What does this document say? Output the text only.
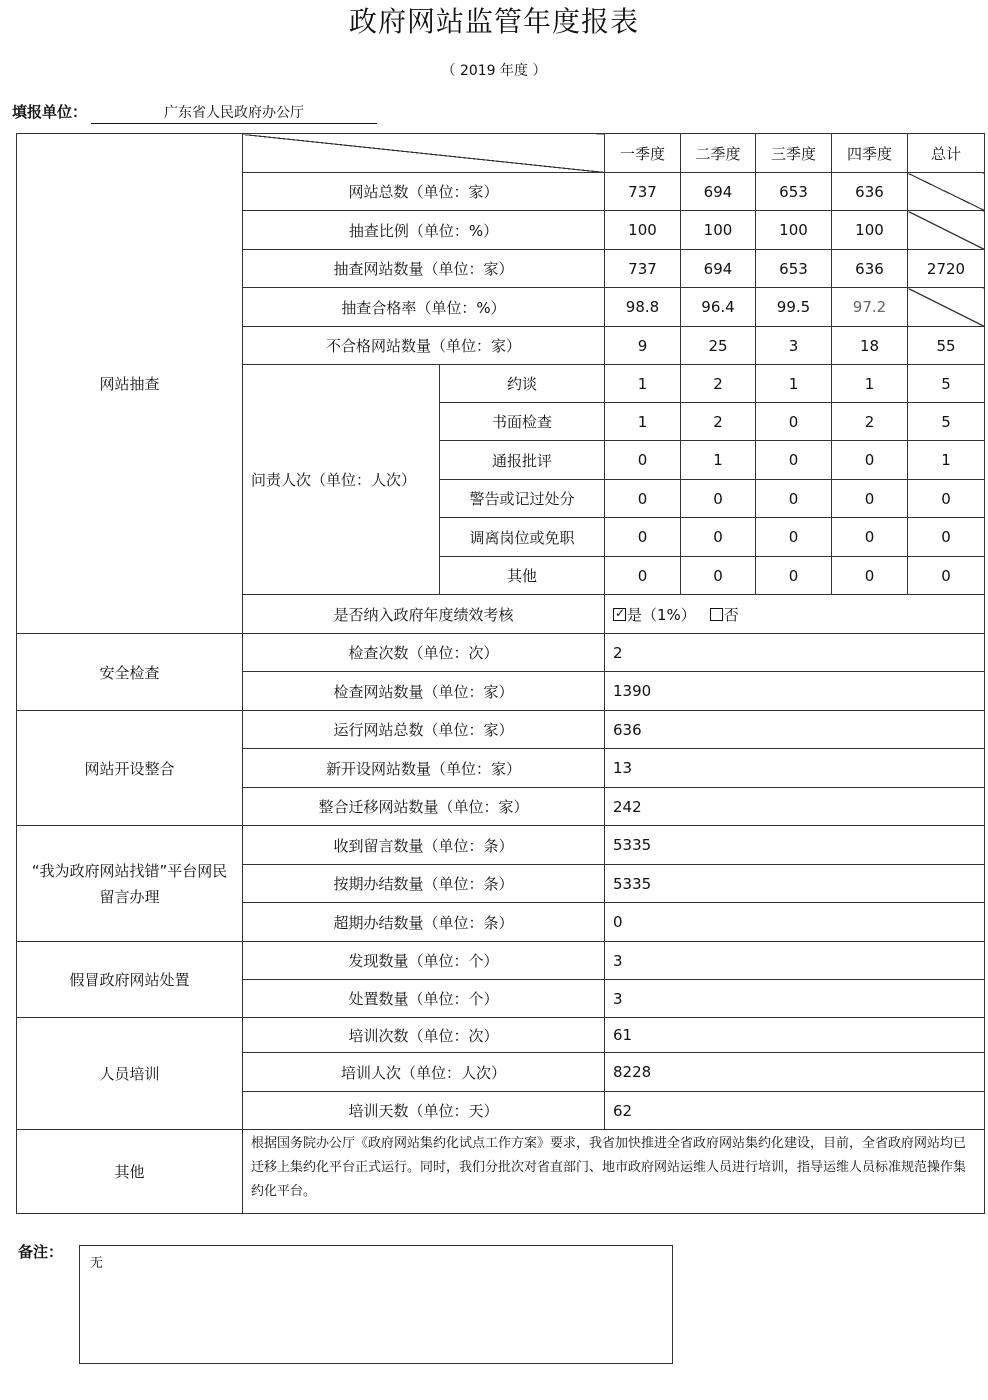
政府网站监管年度报表
（ 2019 年度 ）
填报单位：	广东省人民政府办公厅
网站抽查			一季度	二季度	三季度	四季度	总计
	网站总数（单位：家）		737	694	653	636	
	抽查比例（单位：%）		100	100	100	100	
	抽查网站数量（单位：家）		737	694	653	636	2720
	抽查合格率（单位：%）		98.8	96.4	99.5	97.2	
	不合格网站数量（单位：家）		9	25	3	18	55
	问责人次（单位：人次）	约谈	1	2	1	1	5
		书面检查	1	2	0	2	5
		通报批评	0	1	0	0	1
		警告或记过处分	0	0	0	0	0
		调离岗位或免职	0	0	0	0	0
		其他	0	0	0	0	0
	是否纳入政府年度绩效考核	✓是（1%） 否
安全检查	检查次数（单位：次）		2				
	检查网站数量（单位：家）		1390				
网站开设整合	运行网站总数（单位：家）		636				
	新开设网站数量（单位：家）		13				
	整合迁移网站数量（单位：家）		242				
“我为政府网站找错”平台网民留言办理	收到留言数量（单位：条）		5335				
	按期办结数量（单位：条）		5335				
	超期办结数量（单位：条）		0				
假冒政府网站处置	发现数量（单位：个）		3				
	处置数量（单位：个）		3				
人员培训	培训次数（单位：次）		61				
	培训人次（单位：人次）		8228				
	培训天数（单位：天）		62				
其他	根据国务院办公厅《政府网站集约化试点工作方案》要求，我省加快推进全省政府网站集约化建设，目前，全省政府网站均已迁移上集约化平台正式运行。同时，我们分批次对省直部门、地市政府网站运维人员进行培训，指导运维人员标准规范操作集约化平台。						
备注：
无
